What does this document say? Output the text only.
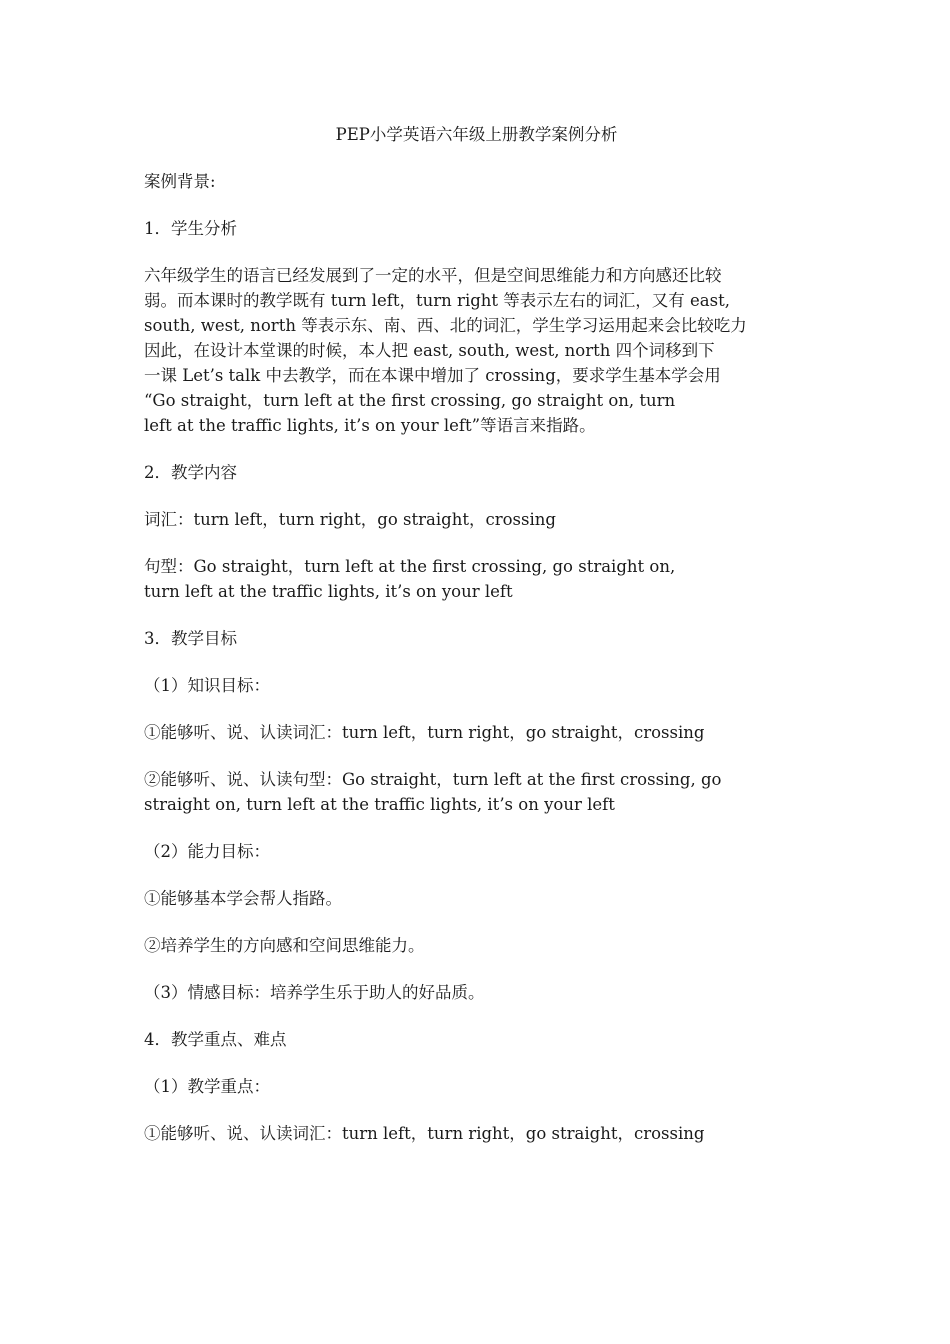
PEP小学英语六年级上册教学案例分析
案例背景:
1．学生分析
六年级学生的语言已经发展到了一定的水平，但是空间思维能力和方向感还比较
弱。而本课时的教学既有 turn left，turn right 等表示左右的词汇，又有 east,
south, west, north 等表示东、南、西、北的词汇，学生学习运用起来会比较吃力
因此，在设计本堂课的时候，本人把 east, south, west, north 四个词移到下
一课 Let’s talk 中去教学，而在本课中增加了 crossing，要求学生基本学会用
“Go straight，turn left at the first crossing, go straight on, turn
left at the traffic lights, it’s on your left”等语言来指路。
2．教学内容
词汇：turn left，turn right，go straight，crossing
句型：Go straight，turn left at the first crossing, go straight on,
turn left at the traffic lights, it’s on your left
3．教学目标
（1）知识目标：
①能够听、说、认读词汇：turn left，turn right，go straight，crossing
②能够听、说、认读句型：Go straight，turn left at the first crossing, go
straight on, turn left at the traffic lights, it’s on your left
（2）能力目标：
①能够基本学会帮人指路。
②培养学生的方向感和空间思维能力。
（3）情感目标：培养学生乐于助人的好品质。
4．教学重点、难点
（1）教学重点：
①能够听、说、认读词汇：turn left，turn right，go straight，crossing
